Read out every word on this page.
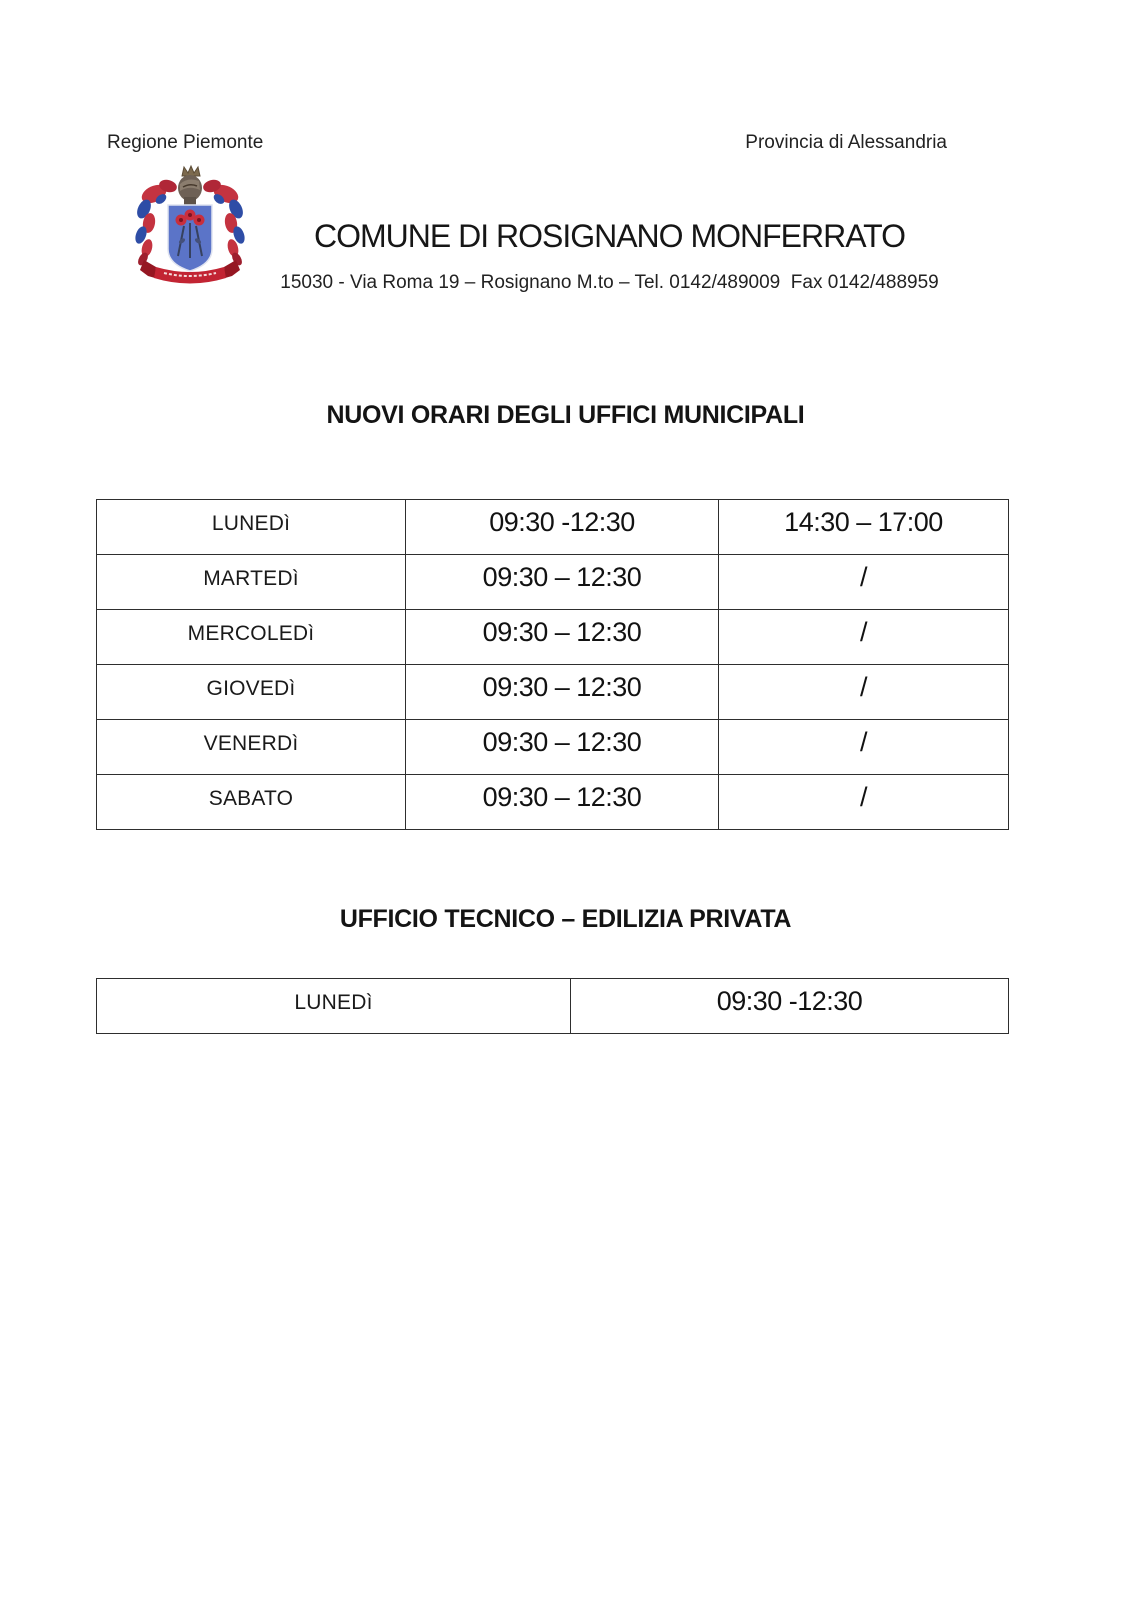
Regione Piemonte	Provincia di Alessandria
COMUNE DI ROSIGNANO MONFERRATO
15030 - Via Roma 19 – Rosignano M.to – Tel. 0142/489009  Fax 0142/488959
NUOVI ORARI DEGLI UFFICI MUNICIPALI
LUNEDì	09:30 -12:30	14:30 – 17:00
MARTEDì	09:30 – 12:30	/
MERCOLEDì	09:30 – 12:30	/
GIOVEDì	09:30 – 12:30	/
VENERDì	09:30 – 12:30	/
SABATO	09:30 – 12:30	/
UFFICIO TECNICO – EDILIZIA PRIVATA
LUNEDì	09:30 -12:30
